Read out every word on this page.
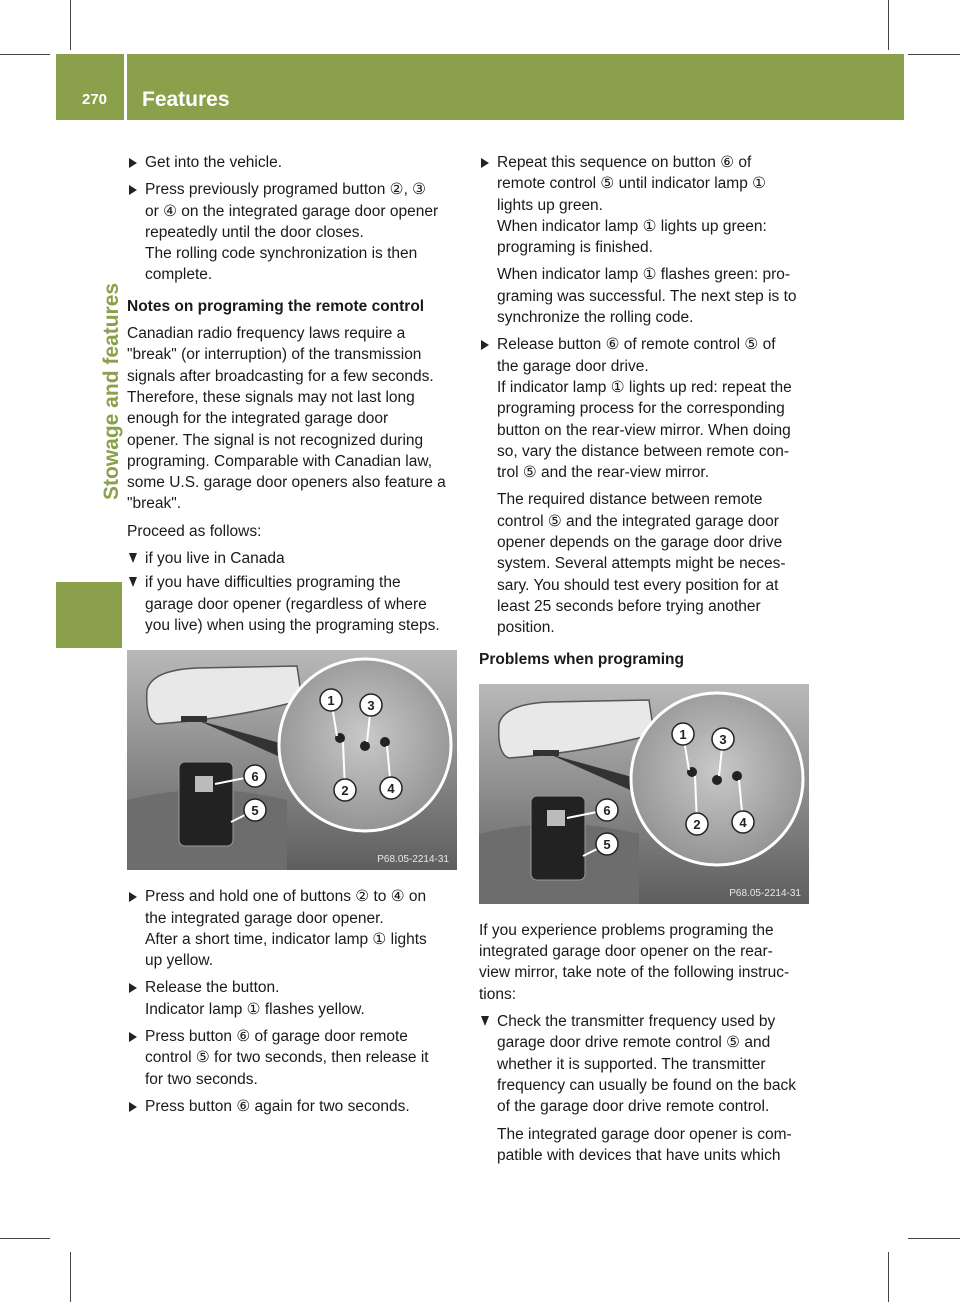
270 Features
Stowage and features
Get into the vehicle.
Press previously programed button ②, ③
or ④ on the integrated garage door opener
repeatedly until the door closes.
The rolling code synchronization is then
complete.
Notes on programing the remote control
Canadian radio frequency laws require a
"break" (or interruption) of the transmission
signals after broadcasting for a few seconds.
Therefore, these signals may not last long
enough for the integrated garage door
opener. The signal is not recognized during
programing. Comparable with Canadian law,
some U.S. garage door openers also feature a
"break".
Proceed as follows:
if you live in Canada
if you have difficulties programing the
garage door opener (regardless of where
you live) when using the programing steps.
1
2
3
4
5
6
P68.05-2214-31
Press and hold one of buttons ② to ④ on
the integrated garage door opener.
After a short time, indicator lamp ① lights
up yellow.
Release the button.
Indicator lamp ① flashes yellow.
Press button ⑥ of garage door remote
control ⑤ for two seconds, then release it
for two seconds.
Press button ⑥ again for two seconds.
Repeat this sequence on button ⑥ of
remote control ⑤ until indicator lamp ①
lights up green.
When indicator lamp ① lights up green:
programing is finished.
When indicator lamp ① flashes green: pro-
graming was successful. The next step is to
synchronize the rolling code.
Release button ⑥ of remote control ⑤ of
the garage door drive.
If indicator lamp ① lights up red: repeat the
programing process for the corresponding
button on the rear-view mirror. When doing
so, vary the distance between remote con-
trol ⑤ and the rear-view mirror.
The required distance between remote
control ⑤ and the integrated garage door
opener depends on the garage door drive
system. Several attempts might be neces-
sary. You should test every position for at
least 25 seconds before trying another
position.
Problems when programing
1
2
3
4
5
6
P68.05-2214-31
If you experience problems programing the
integrated garage door opener on the rear-
view mirror, take note of the following instruc-
tions:
Check the transmitter frequency used by
garage door drive remote control ⑤ and
whether it is supported. The transmitter
frequency can usually be found on the back
of the garage door drive remote control.
The integrated garage door opener is com-
patible with devices that have units which
